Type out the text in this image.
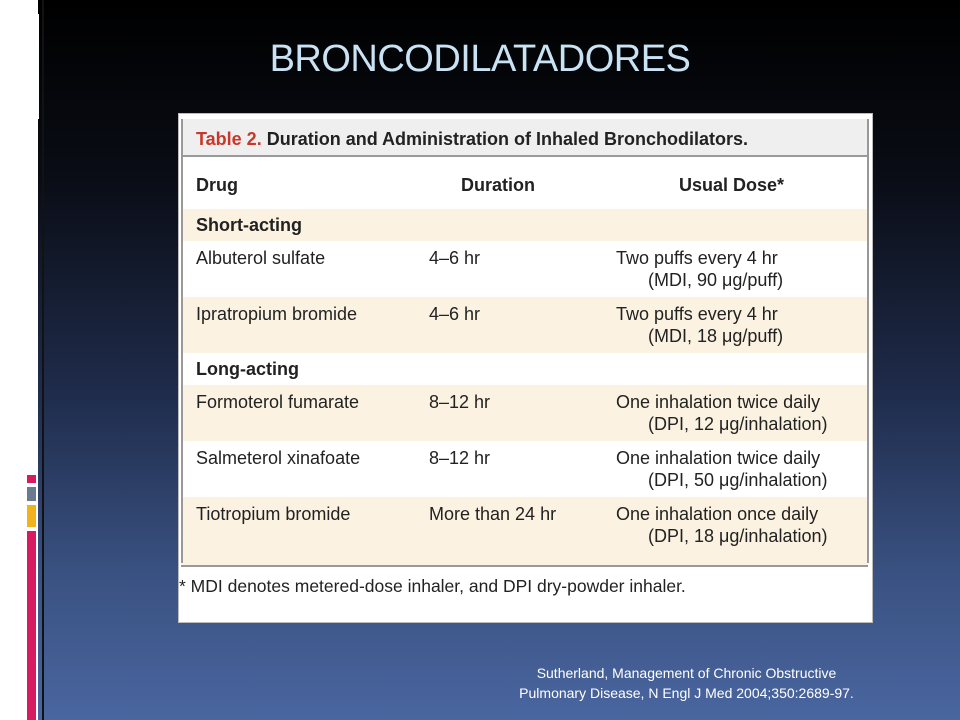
BRONCODILATADORES
Table 2. Duration and Administration of Inhaled Bronchodilators.
Drug	Duration	Usual Dose*
Short-acting
Albuterol sulfate	4–6 hr	Two puffs every 4 hr
(MDI, 90 μg/puff)
Ipratropium bromide	4–6 hr	Two puffs every 4 hr
(MDI, 18 μg/puff)
Long-acting
Formoterol fumarate	8–12 hr	One inhalation twice daily
(DPI, 12 μg/inhalation)
Salmeterol xinafoate	8–12 hr	One inhalation twice daily
(DPI, 50 μg/inhalation)
Tiotropium bromide	More than 24 hr	One inhalation once daily
(DPI, 18 μg/inhalation)
* MDI denotes metered-dose inhaler, and DPI dry-powder inhaler.
Sutherland, Management of Chronic Obstructive
Pulmonary Disease, N Engl J Med 2004;350:2689-97.
